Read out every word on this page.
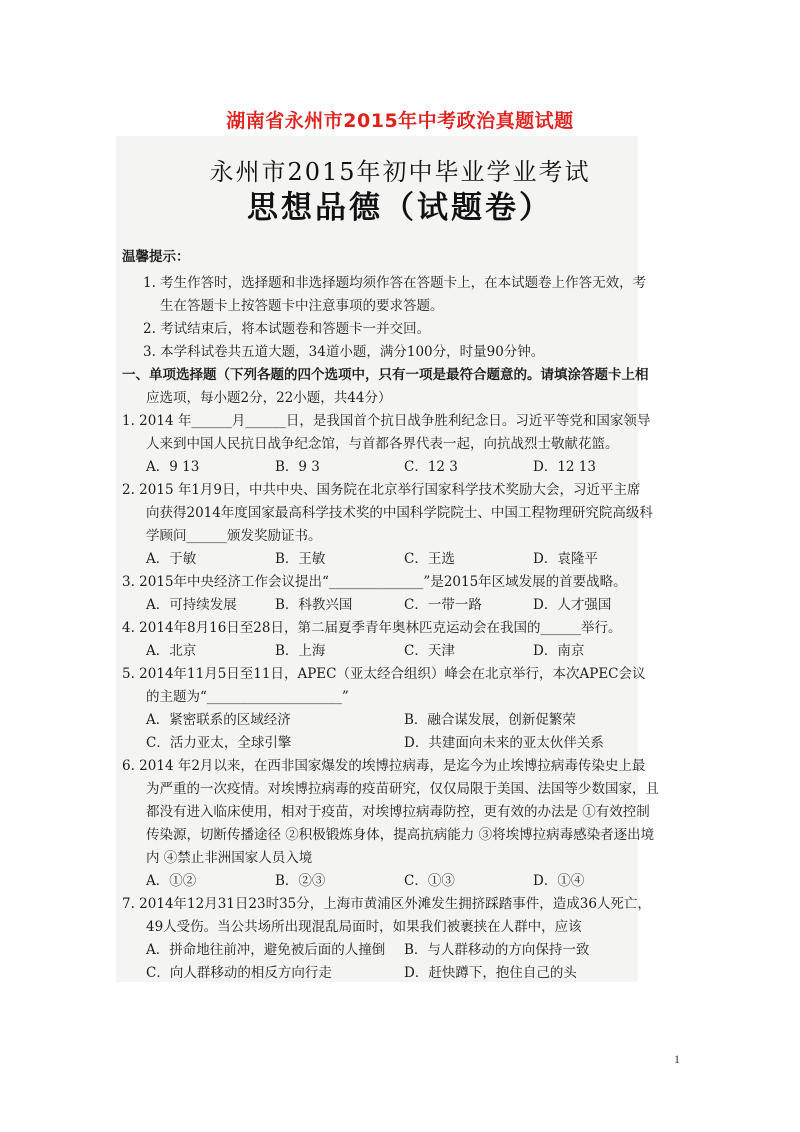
湖南省永州市2015年中考政治真题试题
永州市2015年初中毕业学业考试
思想品德（试题卷）
温馨提示：
1. 考生作答时，选择题和非选择题均须作答在答题卡上，在本试题卷上作答无效，考
生在答题卡上按答题卡中注意事项的要求答题。
2. 考试结束后，将本试题卷和答题卡一并交回。
3. 本学科试卷共五道大题，34道小题，满分100分，时量90分钟。
一、单项选择题（下列各题的四个选项中，只有一项是最符合题意的。请填涂答题卡上相
应选项，每小题2分，22小题，共44分）
1. 2014 年______月______日，是我国首个抗日战争胜利纪念日。习近平等党和国家领导
人来到中国人民抗日战争纪念馆，与首都各界代表一起，向抗战烈士敬献花篮。
A．9 13	B．9 3	C．12 3	D．12 13
2. 2015 年1月9日，中共中央、国务院在北京举行国家科学技术奖励大会，习近平主席
向获得2014年度国家最高科学技术奖的中国科学院院士、中国工程物理研究院高级科
学顾问______颁发奖励证书。
A．于敏	B．王敏	C．王选	D．袁隆平
3. 2015年中央经济工作会议提出“______________”是2015年区域发展的首要战略。
A．可持续发展	B．科教兴国	C．一带一路	D．人才强国
4. 2014年8月16日至28日，第二届夏季青年奥林匹克运动会在我国的______举行。
A．北京	B．上海	C．天津	D．南京
5. 2014年11月5日至11日，APEC（亚太经合组织）峰会在北京举行，本次APEC会议
的主题为“____________________”
A．紧密联系的区域经济	B．融合谋发展，创新促繁荣
C．活力亚太，全球引擎	D．共建面向未来的亚太伙伴关系
6. 2014 年2月以来，在西非国家爆发的埃博拉病毒，是迄今为止埃博拉病毒传染史上最
为严重的一次疫情。对埃博拉病毒的疫苗研究，仅仅局限于美国、法国等少数国家，且
都没有进入临床使用，相对于疫苗，对埃博拉病毒防控，更有效的办法是 ①有效控制
传染源，切断传播途径 ②积极锻炼身体，提高抗病能力 ③将埃博拉病毒感染者逐出境
内 ④禁止非洲国家人员入境
A．①②	B．②③	C．①③	D．①④
7. 2014年12月31日23时35分，上海市黄浦区外滩发生拥挤踩踏事件，造成36人死亡，
49人受伤。当公共场所出现混乱局面时，如果我们被裹挟在人群中，应该
A．拼命地往前冲，避免被后面的人撞倒 B．与人群移动的方向保持一致
C．向人群移动的相反方向行走	D．赶快蹲下，抱住自己的头
1
